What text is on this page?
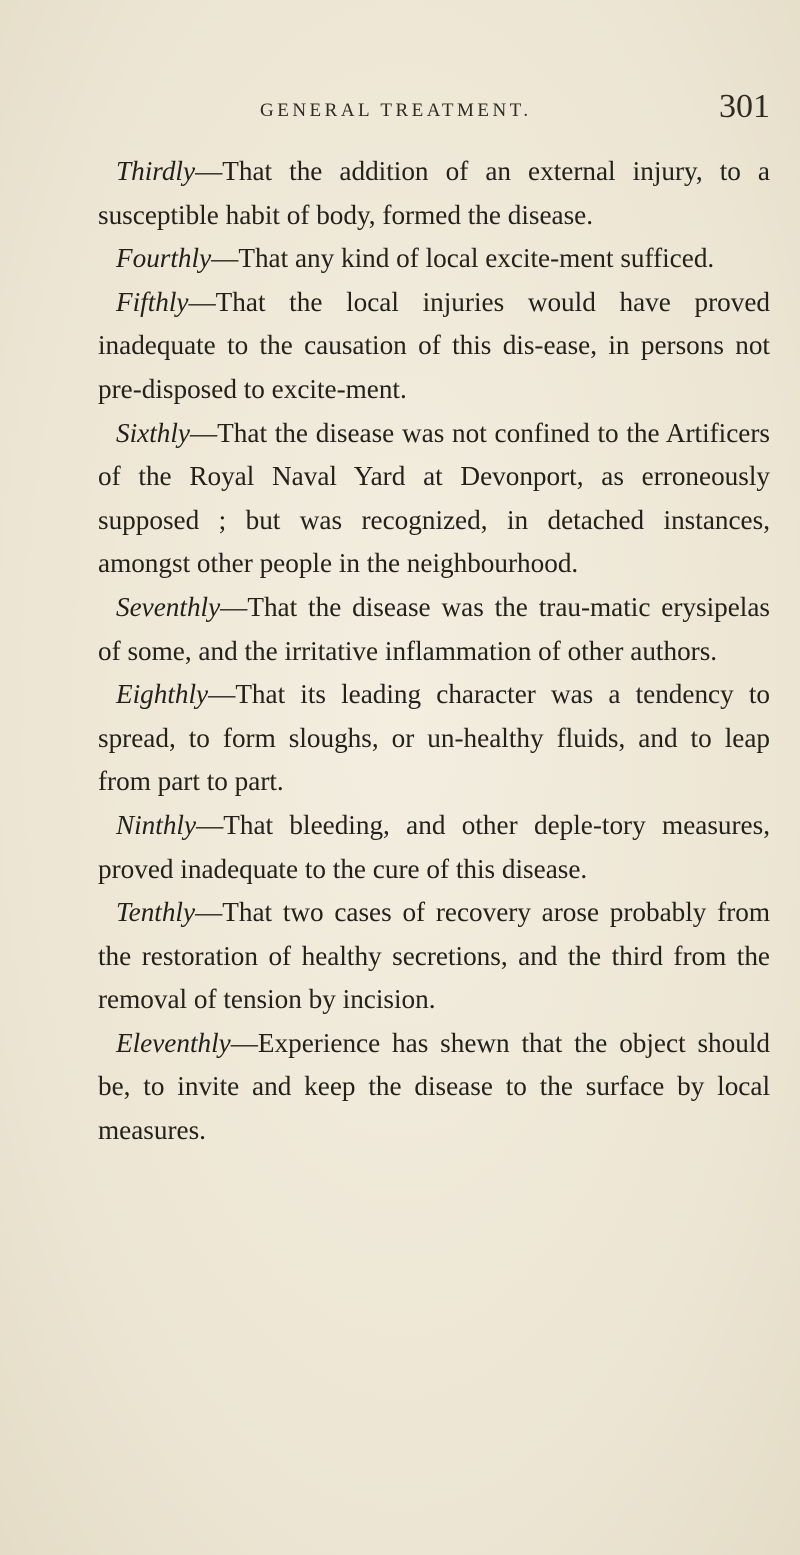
GENERAL TREATMENT.	301

Thirdly—That the addition of an external injury, to a susceptible habit of body, formed the disease.

Fourthly—That any kind of local excite-ment sufficed.

Fifthly—That the local injuries would have proved inadequate to the causation of this dis-ease, in persons not pre-disposed to excite-ment.

Sixthly—That the disease was not confined to the Artificers of the Royal Naval Yard at Devonport, as erroneously supposed ; but was recognized, in detached instances, amongst other people in the neighbourhood.

Seventhly—That the disease was the trau-matic erysipelas of some, and the irritative inflammation of other authors.

Eighthly—That its leading character was a tendency to spread, to form sloughs, or un-healthy fluids, and to leap from part to part.

Ninthly—That bleeding, and other deple-tory measures, proved inadequate to the cure of this disease.

Tenthly—That two cases of recovery arose probably from the restoration of healthy secretions, and the third from the removal of tension by incision.

Eleventhly—Experience has shewn that the object should be, to invite and keep the disease to the surface by local measures.
